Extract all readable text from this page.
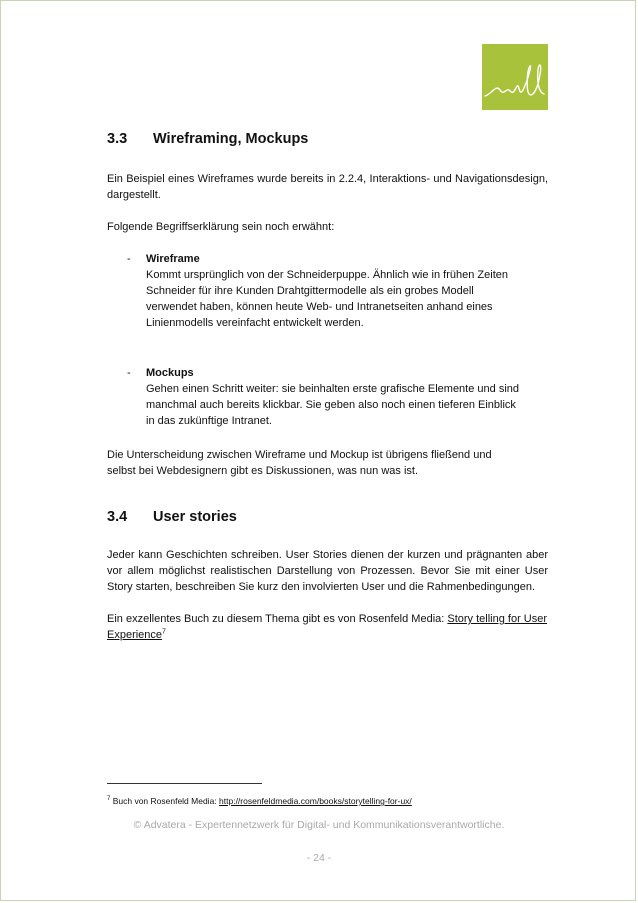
3.3	Wireframing, Mockups

Ein Beispiel eines Wireframes wurde bereits in 2.2.4, Interaktions- und Navigationsdesign, dargestellt.

Folgende Begriffserklärung sein noch erwähnt:

-	Wireframe
Kommt ursprünglich von der Schneiderpuppe. Ähnlich wie in frühen Zeiten
Schneider für ihre Kunden Drahtgittermodelle als ein grobes Modell
verwendet haben, können heute Web- und Intranetseiten anhand eines
Linienmodells vereinfacht entwickelt werden.
-	Mockups
Gehen einen Schritt weiter: sie beinhalten erste grafische Elemente und sind
manchmal auch bereits klickbar. Sie geben also noch einen tieferen Einblick
in das zukünftige Intranet.
Die Unterscheidung zwischen Wireframe und Mockup ist übrigens fließend und
selbst bei Webdesignern gibt es Diskussionen, was nun was ist.
3.4	User stories

Jeder kann Geschichten schreiben. User Stories dienen der kurzen und prägnanten aber vor allem möglichst realistischen Darstellung von Prozessen. Bevor Sie mit einer User Story starten, beschreiben Sie kurz den involvierten User und die Rahmenbedingungen.

Ein exzellentes Buch zu diesem Thema gibt es von Rosenfeld Media: Story telling for User Experience$^7$

$^7$ Buch von Rosenfeld Media: http://rosenfeldmedia.com/books/storytelling-for-ux/
© Advatera - Expertennetzwerk für Digital- und Kommunikationsverantwortliche.
- 24 -
